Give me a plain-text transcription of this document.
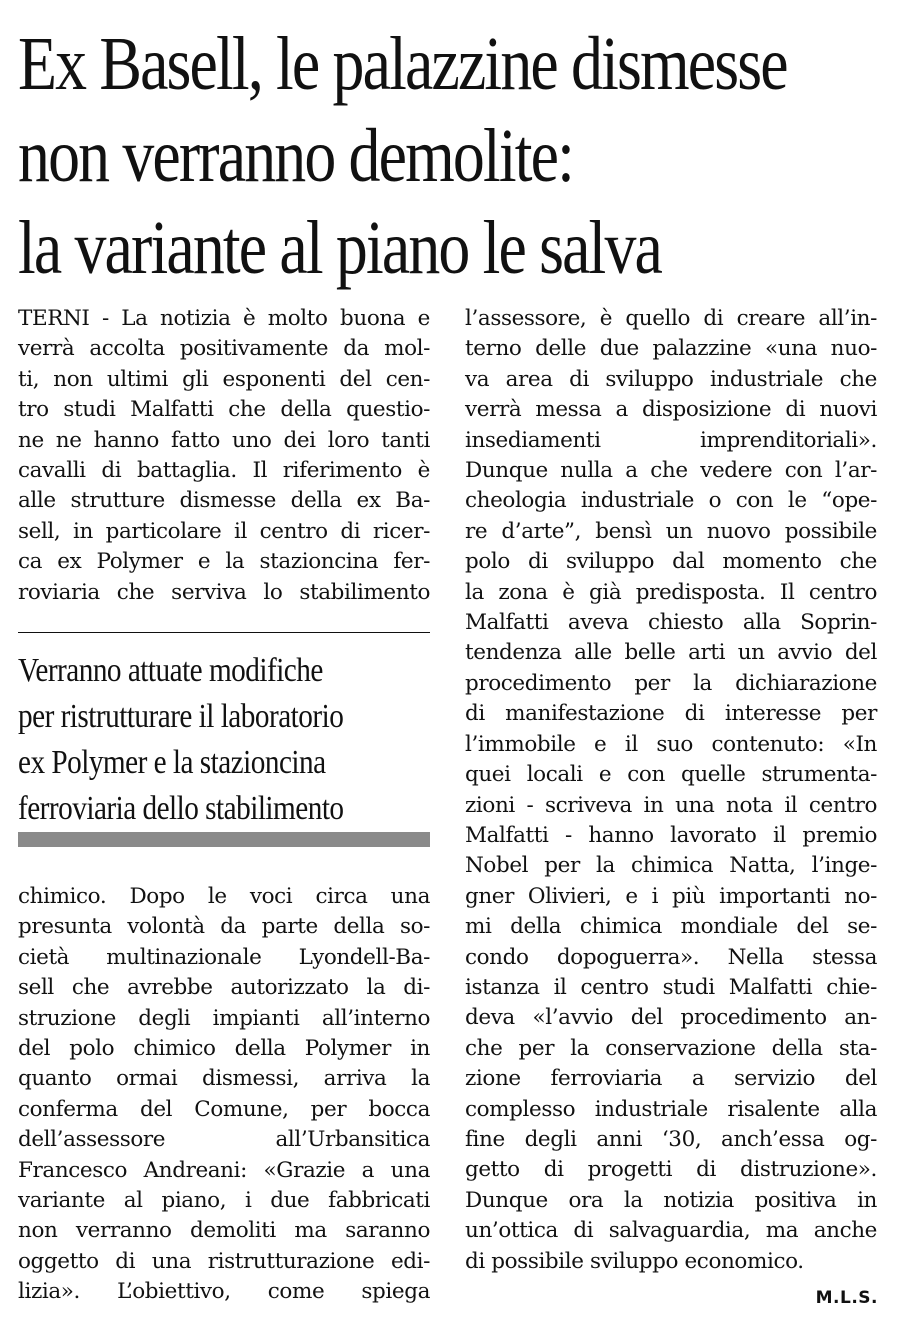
Ex Basell, le palazzine dismesse
non verranno demolite:
la variante al piano le salva
TERNI - La notizia è molto buona e
verrà accolta positivamente da mol-
ti, non ultimi gli esponenti del cen-
tro studi Malfatti che della questio-
ne ne hanno fatto uno dei loro tanti
cavalli di battaglia. Il riferimento è
alle strutture dismesse della ex Ba-
sell, in particolare il centro di ricer-
ca ex Polymer e la stazioncina fer-
roviaria che serviva lo stabilimento
Verranno attuate modifiche
per ristrutturare il laboratorio
ex Polymer e la stazioncina
ferroviaria dello stabilimento
chimico. Dopo le voci circa una
presunta volontà da parte della so-
cietà multinazionale Lyondell-Ba-
sell che avrebbe autorizzato la di-
struzione degli impianti all’interno
del polo chimico della Polymer in
quanto ormai dismessi, arriva la
conferma del Comune, per bocca
dell’assessore all’Urbansitica
Francesco Andreani: «Grazie a una
variante al piano, i due fabbricati
non verranno demoliti ma saranno
oggetto di una ristrutturazione edi-
lizia». L’obiettivo, come spiega
l’assessore, è quello di creare all’in-
terno delle due palazzine «una nuo-
va area di sviluppo industriale che
verrà messa a disposizione di nuovi
insediamenti imprenditoriali».
Dunque nulla a che vedere con l’ar-
cheologia industriale o con le “ope-
re d’arte”, bensì un nuovo possibile
polo di sviluppo dal momento che
la zona è già predisposta. Il centro
Malfatti aveva chiesto alla Soprin-
tendenza alle belle arti un avvio del
procedimento per la dichiarazione
di manifestazione di interesse per
l’immobile e il suo contenuto: «In
quei locali e con quelle strumenta-
zioni - scriveva in una nota il centro
Malfatti - hanno lavorato il premio
Nobel per la chimica Natta, l’inge-
gner Olivieri, e i più importanti no-
mi della chimica mondiale del se-
condo dopoguerra». Nella stessa
istanza il centro studi Malfatti chie-
deva «l’avvio del procedimento an-
che per la conservazione della sta-
zione ferroviaria a servizio del
complesso industriale risalente alla
fine degli anni ‘30, anch’essa og-
getto di progetti di distruzione».
Dunque ora la notizia positiva in
un’ottica di salvaguardia, ma anche
di possibile sviluppo economico.
M.L.S.
